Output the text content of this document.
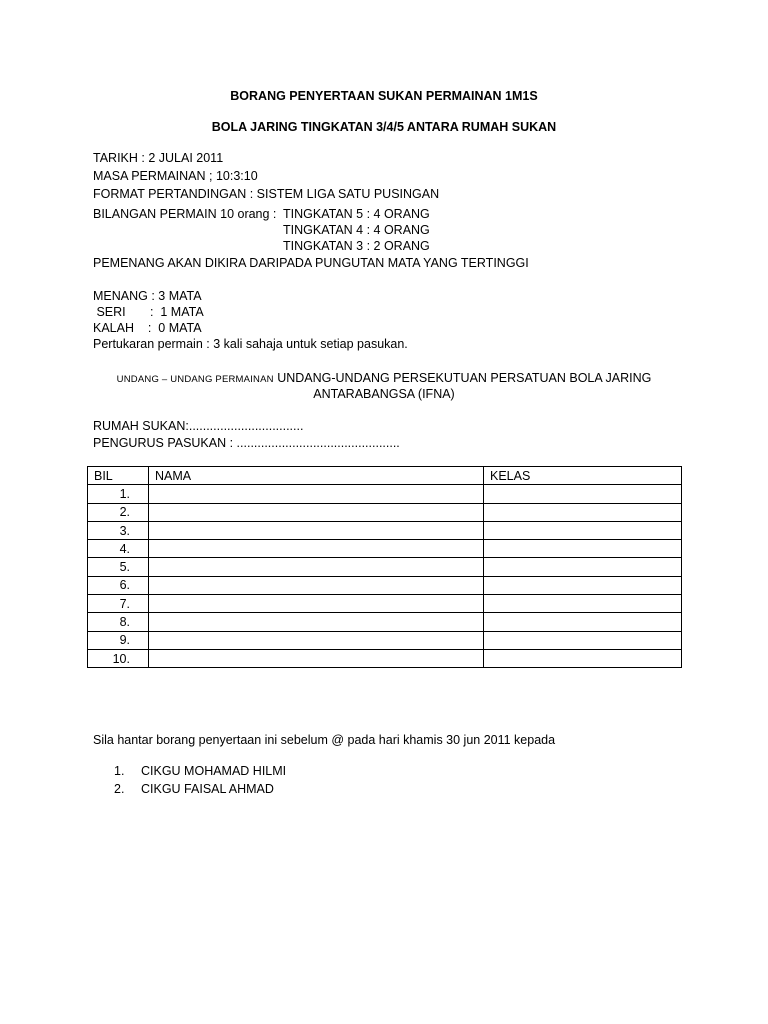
BORANG PENYERTAAN SUKAN PERMAINAN 1M1S
BOLA JARING TINGKATAN 3/4/5 ANTARA RUMAH SUKAN
TARIKH : 2 JULAI 2011
MASA PERMAINAN ; 10:3:10
FORMAT PERTANDINGAN : SISTEM LIGA SATU PUSINGAN
BILANGAN PERMAIN 10 orang : TINGKATAN 5 : 4 ORANG
TINGKATAN 4 : 4 ORANG
TINGKATAN 3 : 2 ORANG
PEMENANG AKAN DIKIRA DARIPADA PUNGUTAN MATA YANG TERTINGGI
MENANG : 3 MATA
SERI       :  1 MATA
KALAH    :  0 MATA
Pertukaran permain : 3 kali sahaja untuk setiap pasukan.
UNDANG – UNDANG PERMAINAN UNDANG-UNDANG PERSEKUTUAN PERSATUAN BOLA JARING
ANTARABANGSA (IFNA)
RUMAH SUKAN:.................................
PENGURUS PASUKAN : ...............................................
BIL	NAMA	KELAS
1.		
2.		
3.		
4.		
5.		
6.		
7.		
8.		
9.		
10.		
Sila hantar borang penyertaan ini sebelum @ pada hari khamis 30 jun 2011 kepada
1. CIKGU MOHAMAD HILMI
2. CIKGU FAISAL AHMAD
